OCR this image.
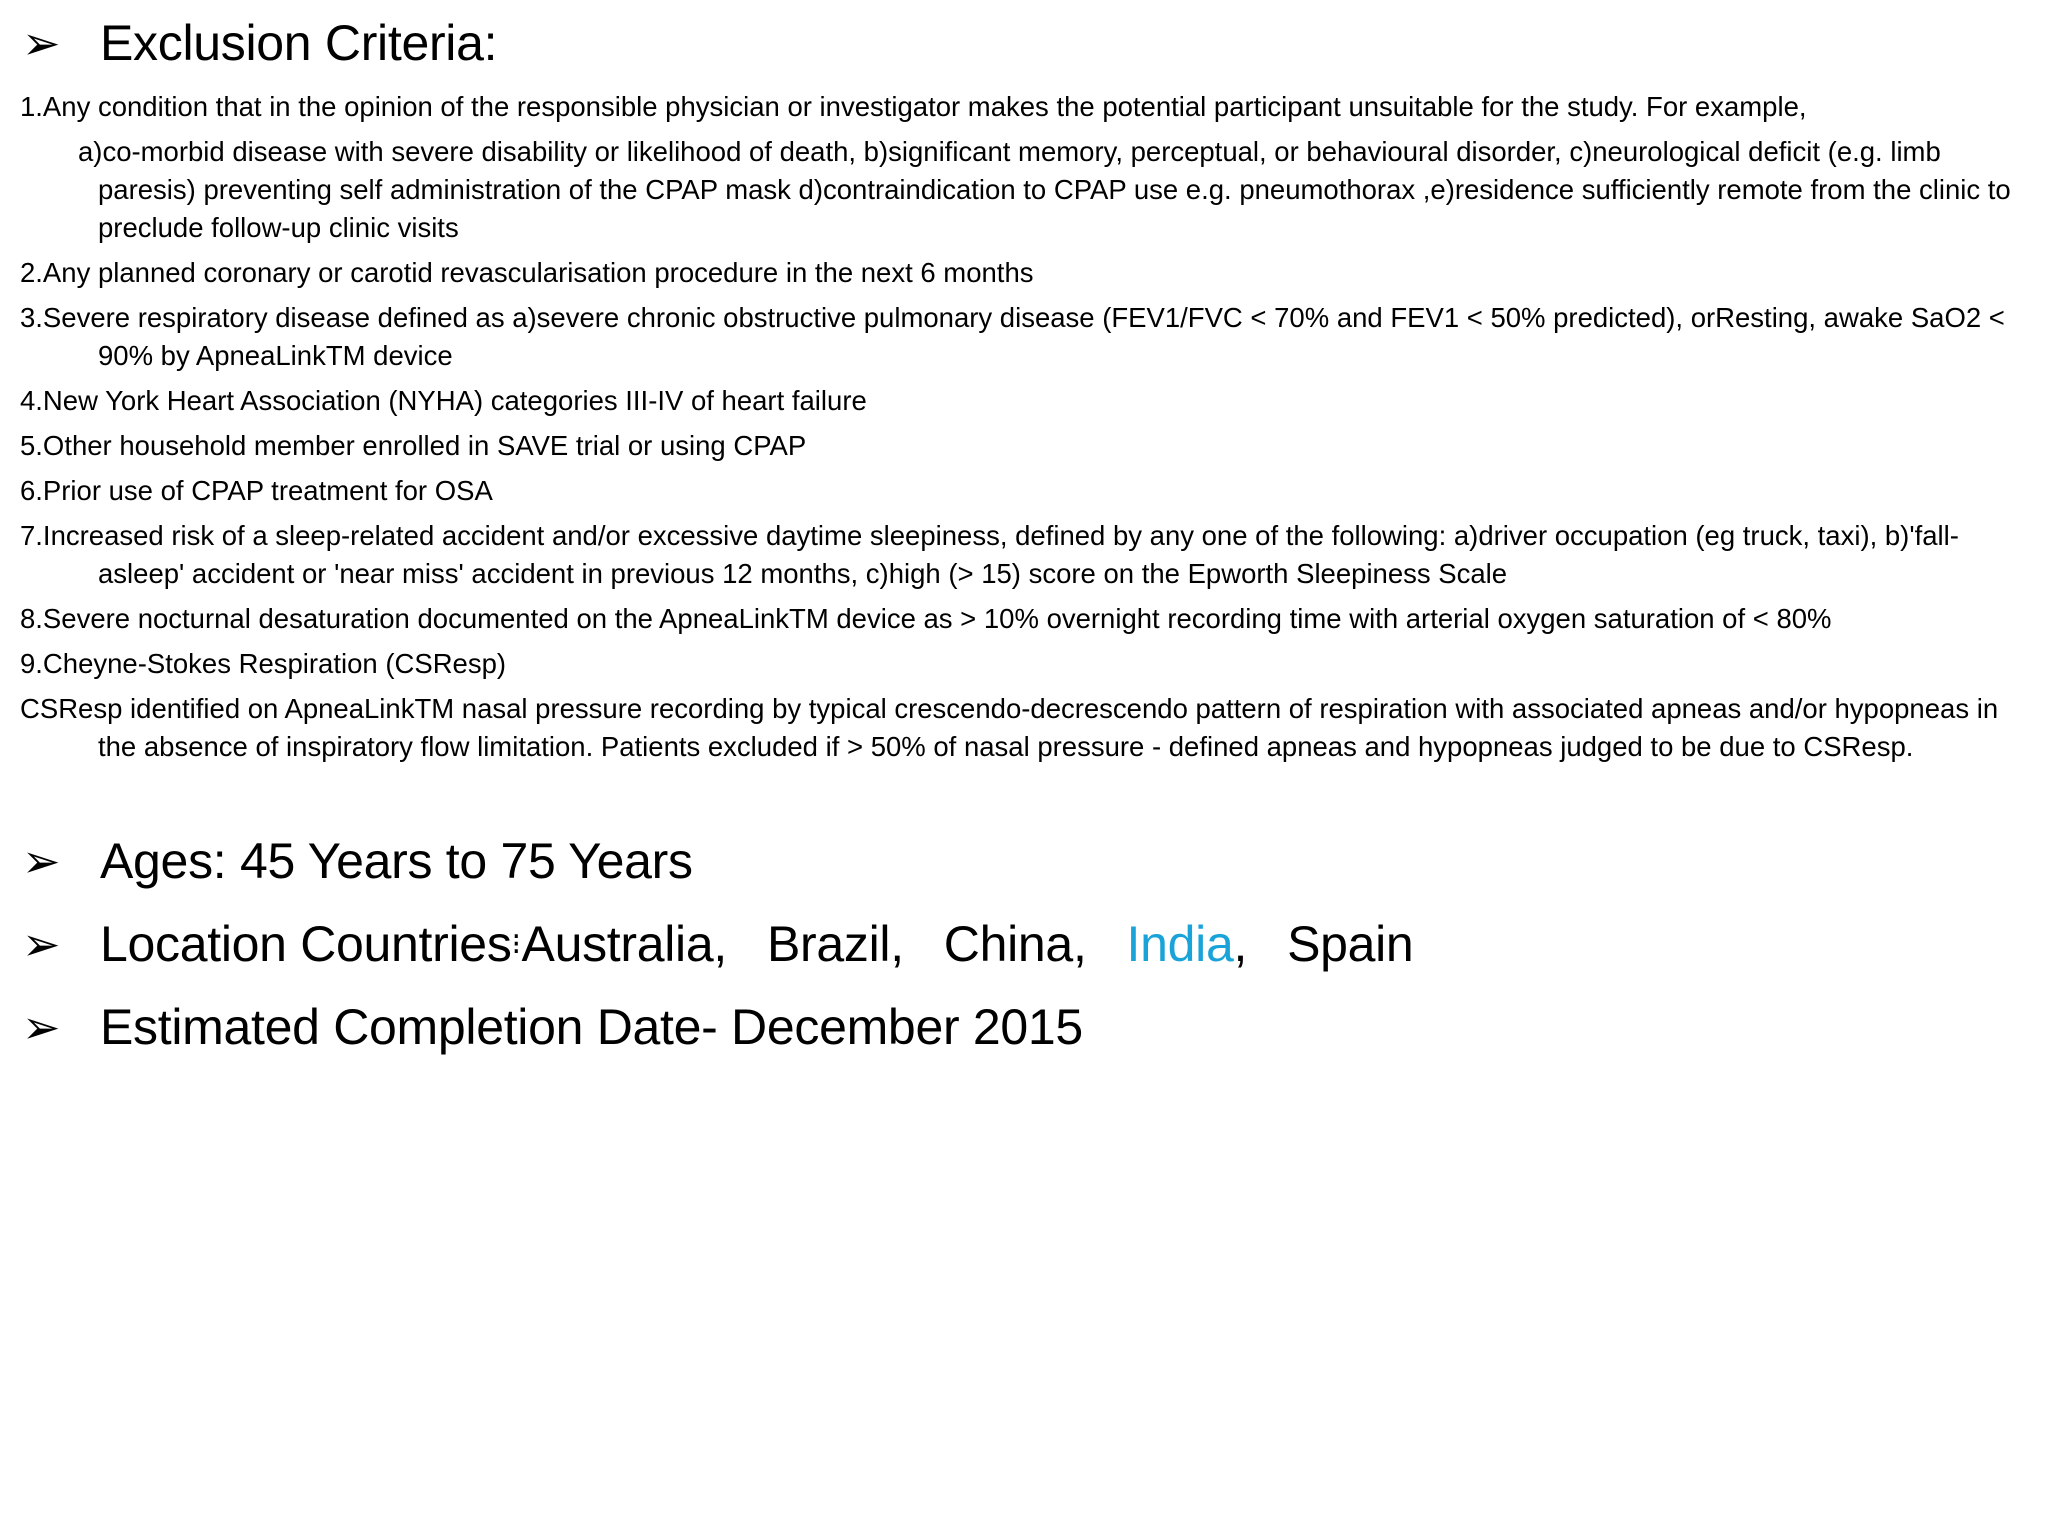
➢ Exclusion Criteria:
1.Any condition that in the opinion of the responsible physician or investigator makes the potential participant unsuitable for the study. For example,
a)co-morbid disease with severe disability or likelihood of death, b)significant memory, perceptual, or behavioural disorder, c)neurological deficit (e.g. limb paresis) preventing self administration of the CPAP mask d)contraindication to CPAP use e.g. pneumothorax ,e)residence sufficiently remote from the clinic to preclude follow-up clinic visits
2.Any planned coronary or carotid revascularisation procedure in the next 6 months
3.Severe respiratory disease defined as a)severe chronic obstructive pulmonary disease (FEV1/FVC < 70% and FEV1 < 50% predicted), orResting, awake SaO2 < 90% by ApneaLinkTM device
4.New York Heart Association (NYHA) categories III-IV of heart failure
5.Other household member enrolled in SAVE trial or using CPAP
6.Prior use of CPAP treatment for OSA
7.Increased risk of a sleep-related accident and/or excessive daytime sleepiness, defined by any one of the following: a)driver occupation (eg truck, taxi), b)'fall-asleep' accident or 'near miss' accident in previous 12 months, c)high (> 15) score on the Epworth Sleepiness Scale
8.Severe nocturnal desaturation documented on the ApneaLinkTM device as > 10% overnight recording time with arterial oxygen saturation of < 80%
9.Cheyne-Stokes Respiration (CSResp)
CSResp identified on ApneaLinkTM nasal pressure recording by typical crescendo-decrescendo pattern of respiration with associated apneas and/or hypopneas in the absence of inspiratory flow limitation. Patients excluded if > 50% of nasal pressure - defined apneas and hypopneas judged to be due to CSResp.
➢ Ages: 45 Years to 75 Years
➢ Location Countries ⁝ Australia, Brazil, China, India, Spain
➢ Estimated Completion Date- December 2015
